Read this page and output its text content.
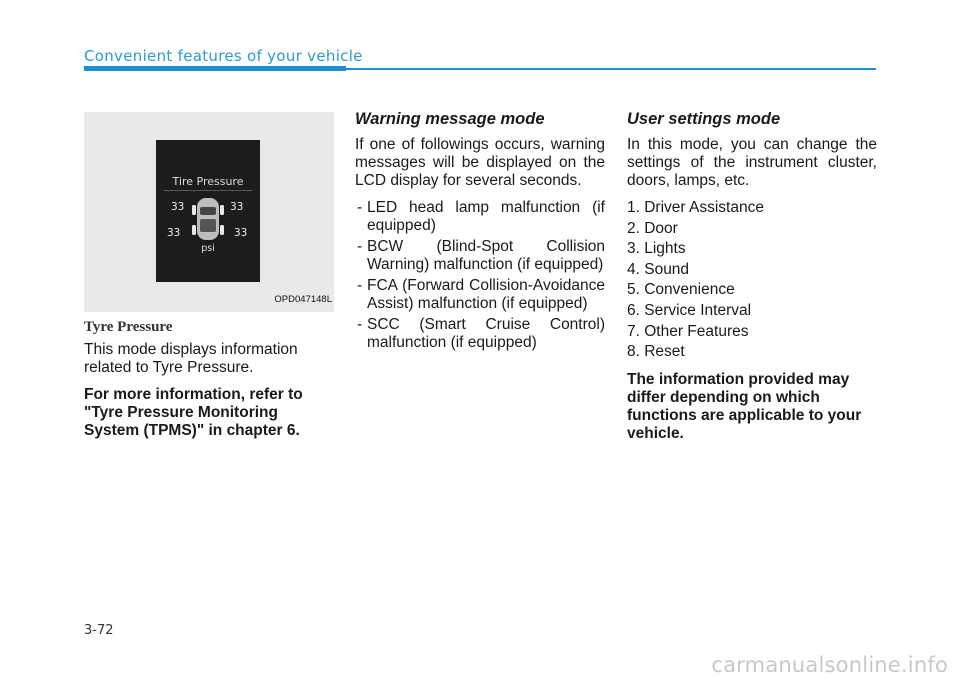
Convenient features of your vehicle
Tire Pressure
33	33
33	33
psi
OPD047148L
Tyre Pressure

This mode displays information related to Tyre Pressure.

For more information, refer to "Tyre Pressure Monitoring System (TPMS)" in chapter 6.

Warning message mode

If one of followings occurs, warning messages will be displayed on the LCD display for several seconds.

- LED head lamp malfunction (if equipped)
- BCW (Blind-Spot Collision Warning) malfunction (if equipped)
- FCA (Forward Collision-Avoidance Assist) malfunction (if equipped)
- SCC (Smart Cruise Control) malfunction (if equipped)
User settings mode

In this mode, you can change the settings of the instrument cluster, doors, lamps, etc.

1. Driver Assistance
2. Door
3. Lights
4. Sound
5. Convenience
6. Service Interval
7. Other Features
8. Reset

The information provided may differ depending on which functions are applicable to your vehicle.

3-72
carmanualsonline.info
